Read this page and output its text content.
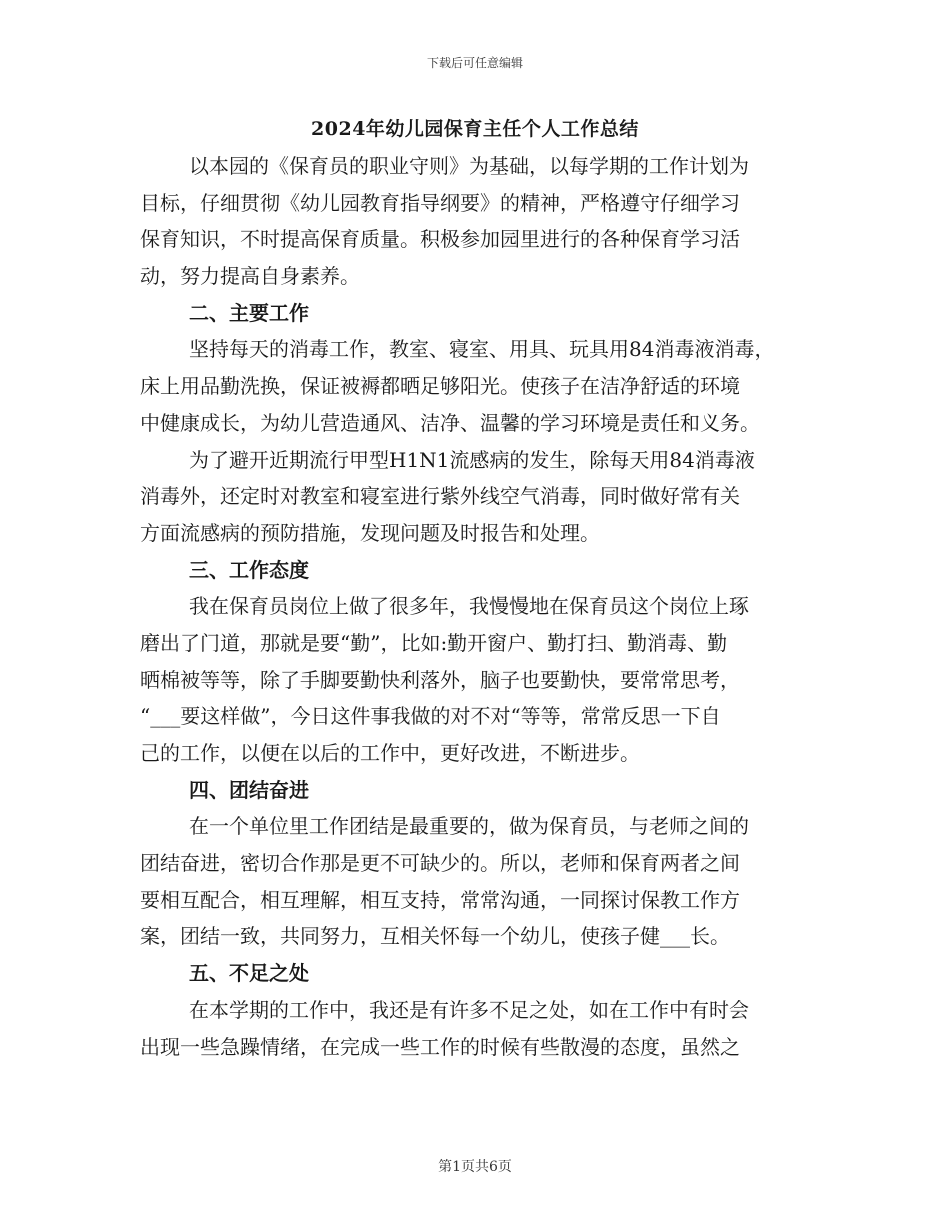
下载后可任意编辑
2024年幼儿园保育主任个人工作总结
以本园的《保育员的职业守则》为基础，以每学期的工作计划为
目标，仔细贯彻《幼儿园教育指导纲要》的精神，严格遵守仔细学习
保育知识，不时提高保育质量。积极参加园里进行的各种保育学习活
动，努力提高自身素养。
二、主要工作
坚持每天的消毒工作，教室、寝室、用具、玩具用84消毒液消毒，
床上用品勤洗换，保证被褥都晒足够阳光。使孩子在洁净舒适的环境
中健康成长，为幼儿营造通风、洁净、温馨的学习环境是责任和义务。
为了避开近期流行甲型H1N1流感病的发生，除每天用84消毒液
消毒外，还定时对教室和寝室进行紫外线空气消毒，同时做好常有关
方面流感病的预防措施，发现问题及时报告和处理。
三、工作态度
我在保育员岗位上做了很多年，我慢慢地在保育员这个岗位上琢
磨出了门道，那就是要“勤”，比如:勤开窗户、勤打扫、勤消毒、勤
晒棉被等等，除了手脚要勤快利落外，脑子也要勤快，要常常思考，
“___要这样做”，今日这件事我做的对不对“等等，常常反思一下自
己的工作，以便在以后的工作中，更好改进，不断进步。
四、团结奋进
在一个单位里工作团结是最重要的，做为保育员，与老师之间的
团结奋进，密切合作那是更不可缺少的。所以，老师和保育两者之间
要相互配合，相互理解，相互支持，常常沟通，一同探讨保教工作方
案，团结一致，共同努力，互相关怀每一个幼儿，使孩子健___长。
五、不足之处
在本学期的工作中，我还是有许多不足之处，如在工作中有时会
出现一些急躁情绪，在完成一些工作的时候有些散漫的态度，虽然之
第1页共6页
